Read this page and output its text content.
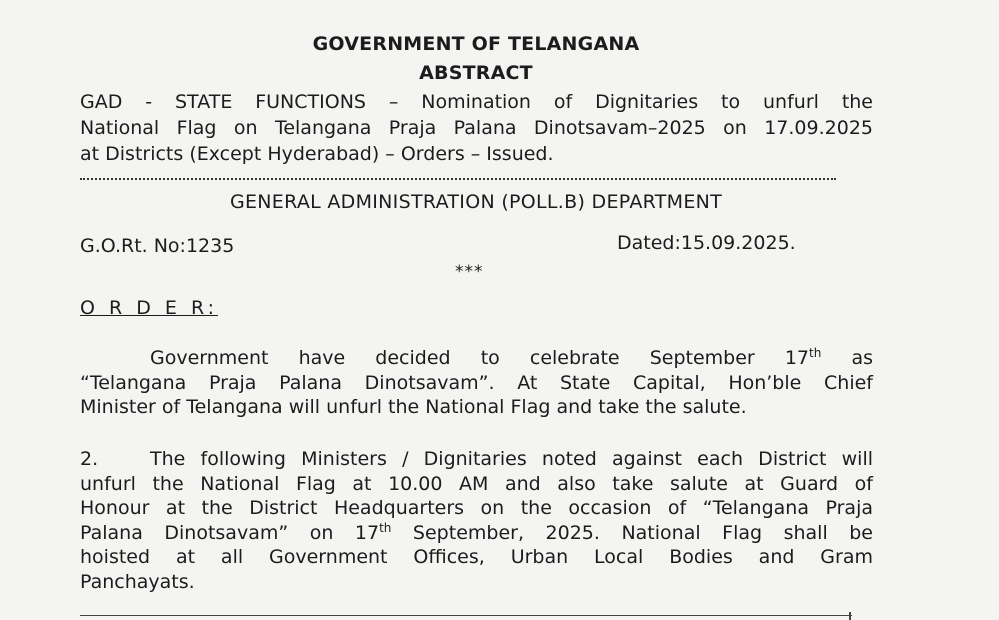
GOVERNMENT OF TELANGANA
ABSTRACT
GAD - STATE FUNCTIONS – Nomination of Dignitaries to unfurl the
National Flag on Telangana Praja Palana Dinotsavam–2025 on 17.09.2025
at Districts (Except Hyderabad) – Orders – Issued.
GENERAL ADMINISTRATION (POLL.B) DEPARTMENT
G.O.Rt. No:1235	Dated:15.09.2025.
***
O R D E R:
Government have decided to celebrate September 17th as
“Telangana Praja Palana Dinotsavam”. At State Capital, Hon’ble Chief
Minister of Telangana will unfurl the National Flag and take the salute.
2.	The following Ministers / Dignitaries noted against each District will
unfurl the National Flag at 10.00 AM and also take salute at Guard of
Honour at the District Headquarters on the occasion of “Telangana Praja
Palana Dinotsavam” on 17th September, 2025. National Flag shall be
hoisted at all Government Offices, Urban Local Bodies and Gram
Panchayats.
